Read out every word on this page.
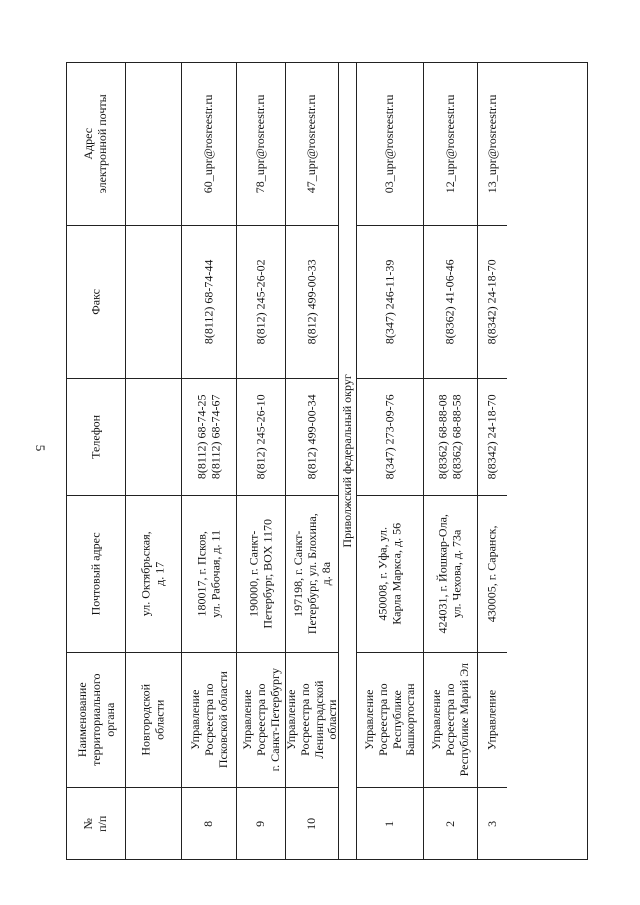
5
№
п/п
Наименование
территориального
органа
Почтовый адрес
Телефон
Факс
Адрес
электронной почты
Новгородской
области
ул. Октябрьская,
д. 17
8
Управление
Росреестра по
Псковской области
180017, г. Псков,
ул. Рабочая, д. 11
8(8112) 68-74-25
8(8112) 68-74-67
8(8112) 68-74-44
60_upr@rosreestr.ru
9
Управление
Росреестра по
г. Санкт-Петербургу
190000, г. Санкт-
Петербург, BOX 1170
8(812) 245-26-10
8(812) 245-26-02
78_upr@rosreestr.ru
10
Управление
Росреестра по
Ленинградской
области
197198, г. Санкт-
Петербург, ул. Блохина,
д. 8а
8(812) 499-00-34
8(812) 499-00-33
47_upr@rosreestr.ru
Приволжский федеральный округ
1
Управление
Росреестра по
Республике
Башкортостан
450008, г. Уфа, ул.
Карла Маркса, д. 56
8(347) 273-09-76
8(347) 246-11-39
03_upr@rosreestr.ru
2
Управление
Росреестра по
Республике Марий Эл
424031, г. Йошкар-Ола,
ул. Чехова, д. 73а
8(8362) 68-88-08
8(8362) 68-88-58
8(8362) 41-06-46
12_upr@rosreestr.ru
3
Управление
430005, г. Саранск,
8(8342) 24-18-70
8(8342) 24-18-70
13_upr@rosreestr.ru
